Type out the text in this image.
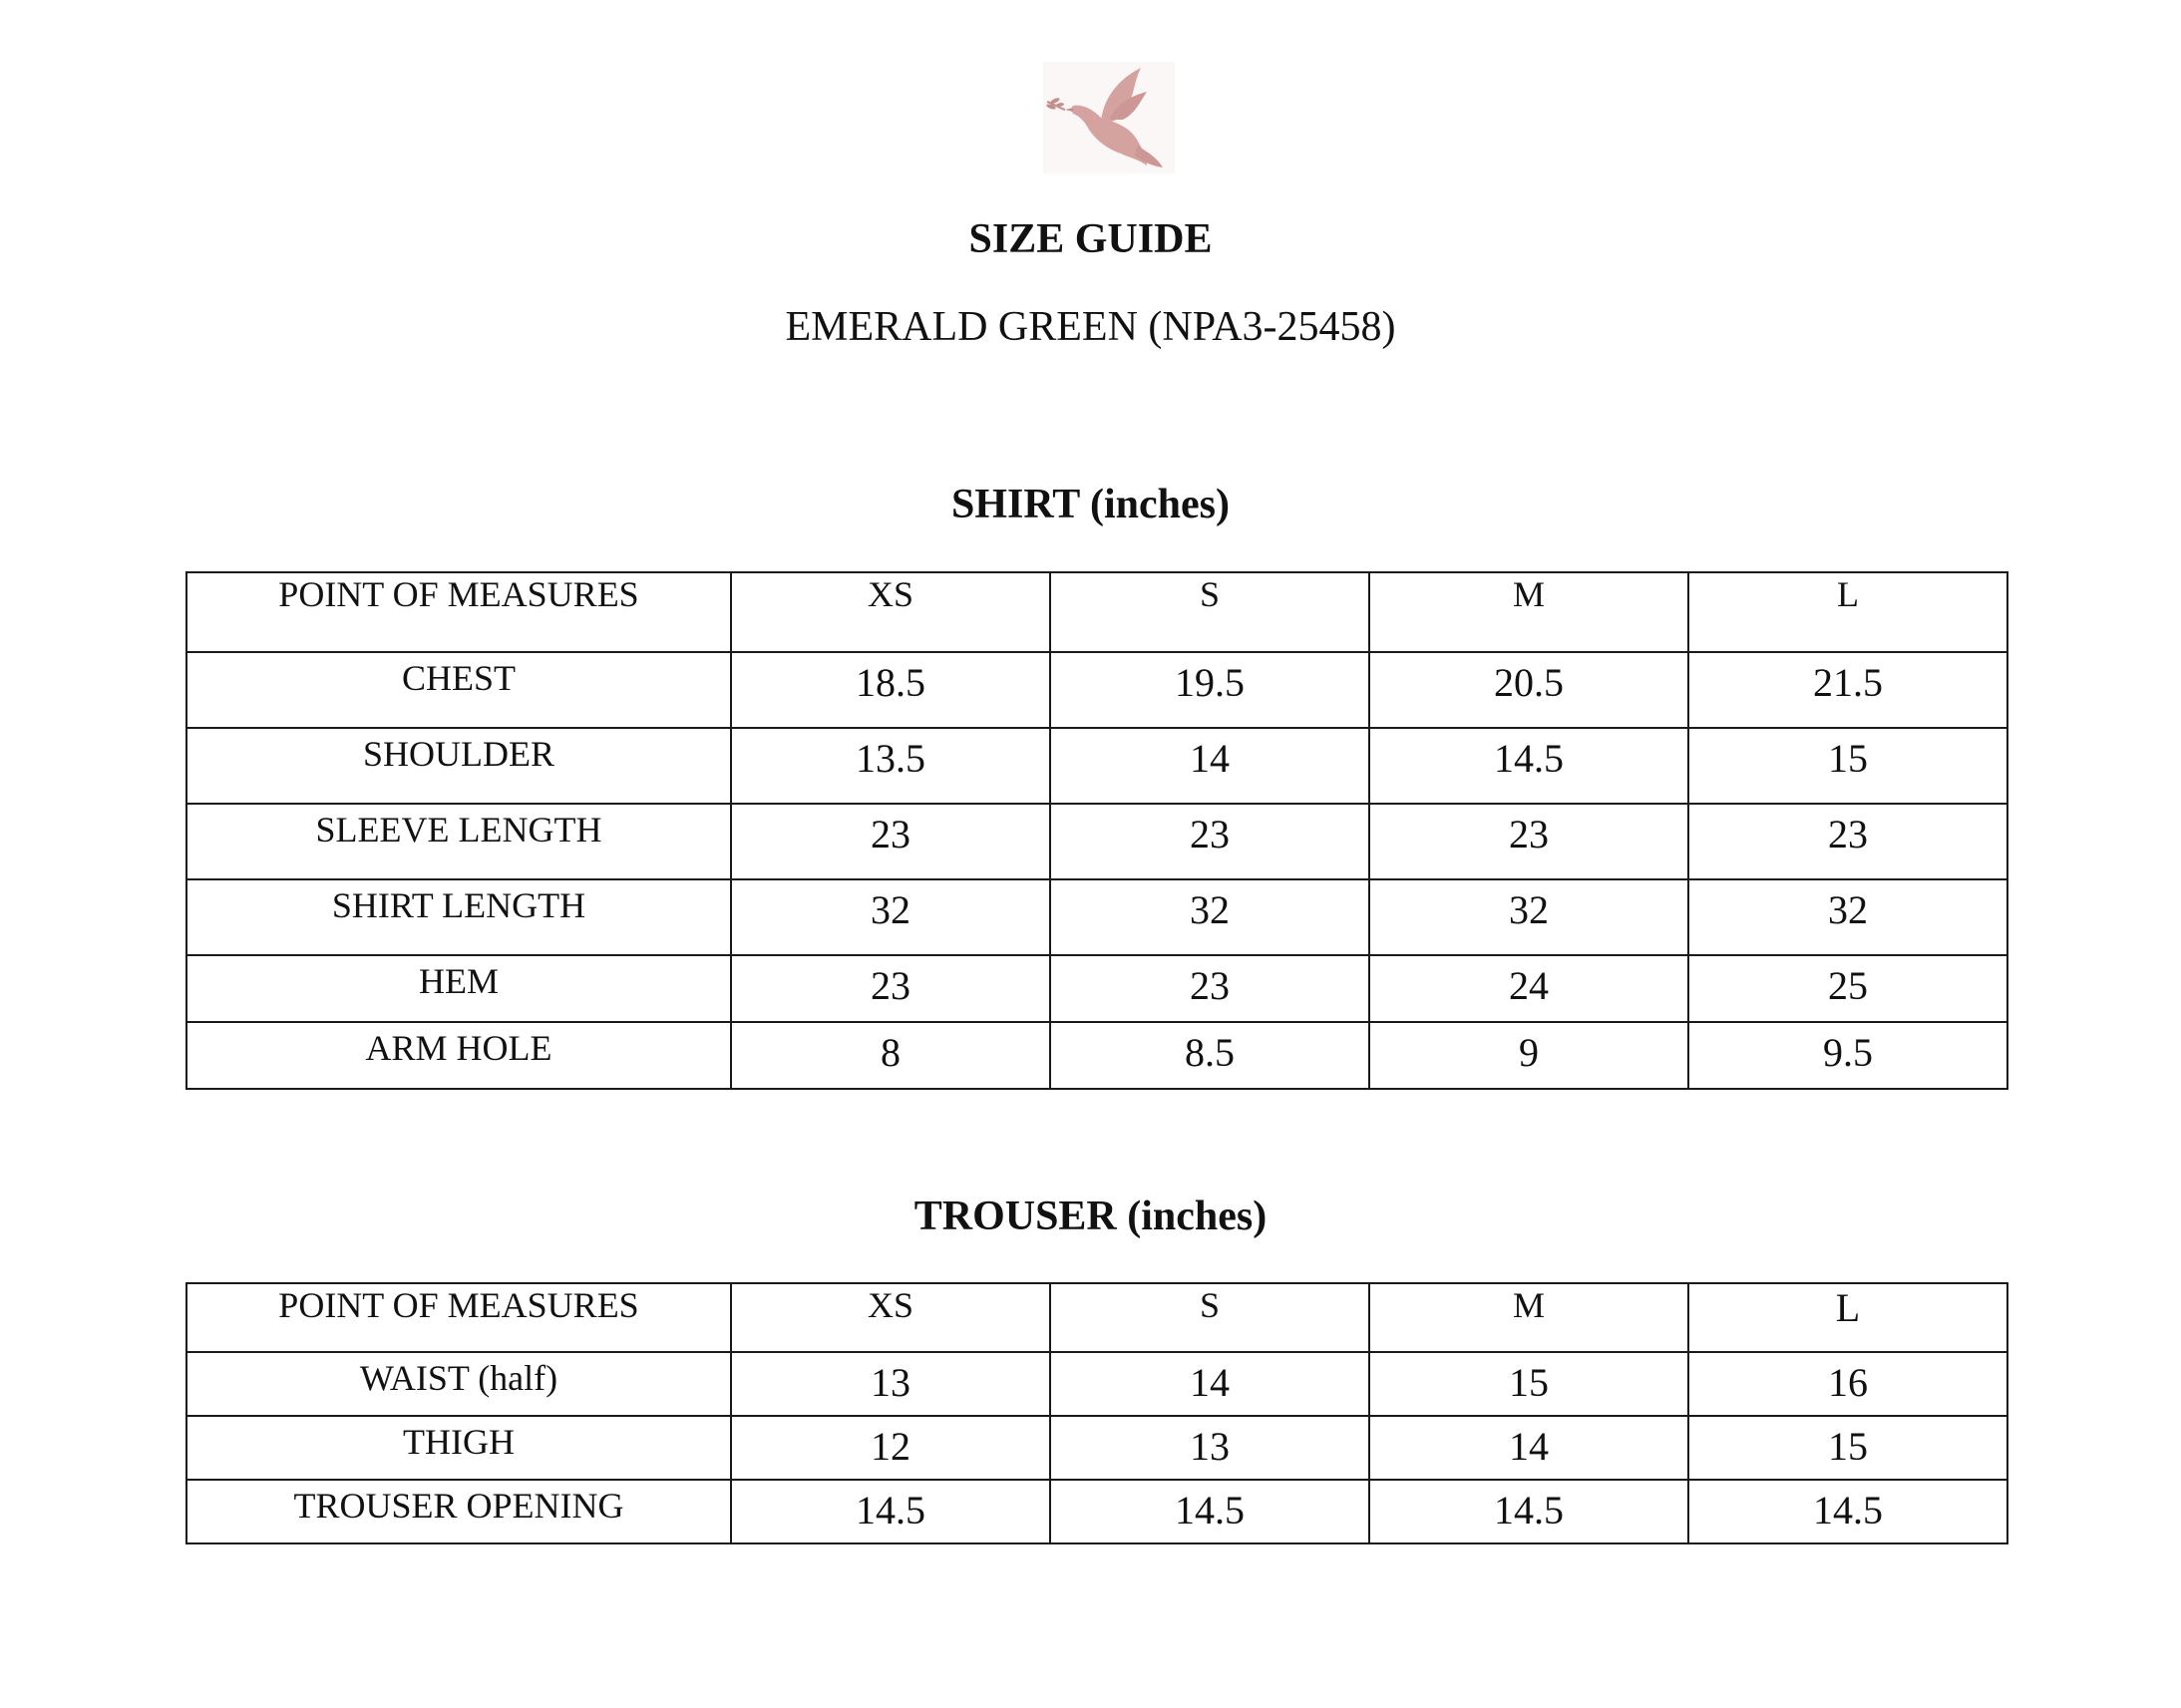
SIZE GUIDE
EMERALD GREEN (NPA3-25458)
SHIRT (inches)
POINT OF MEASURES	XS	S	M	L
CHEST	18.5	19.5	20.5	21.5
SHOULDER	13.5	14	14.5	15
SLEEVE LENGTH	23	23	23	23
SHIRT LENGTH	32	32	32	32
HEM	23	23	24	25
ARM HOLE	8	8.5	9	9.5
TROUSER (inches)
POINT OF MEASURES	XS	S	M	L
WAIST (half)	13	14	15	16
THIGH	12	13	14	15
TROUSER OPENING	14.5	14.5	14.5	14.5
